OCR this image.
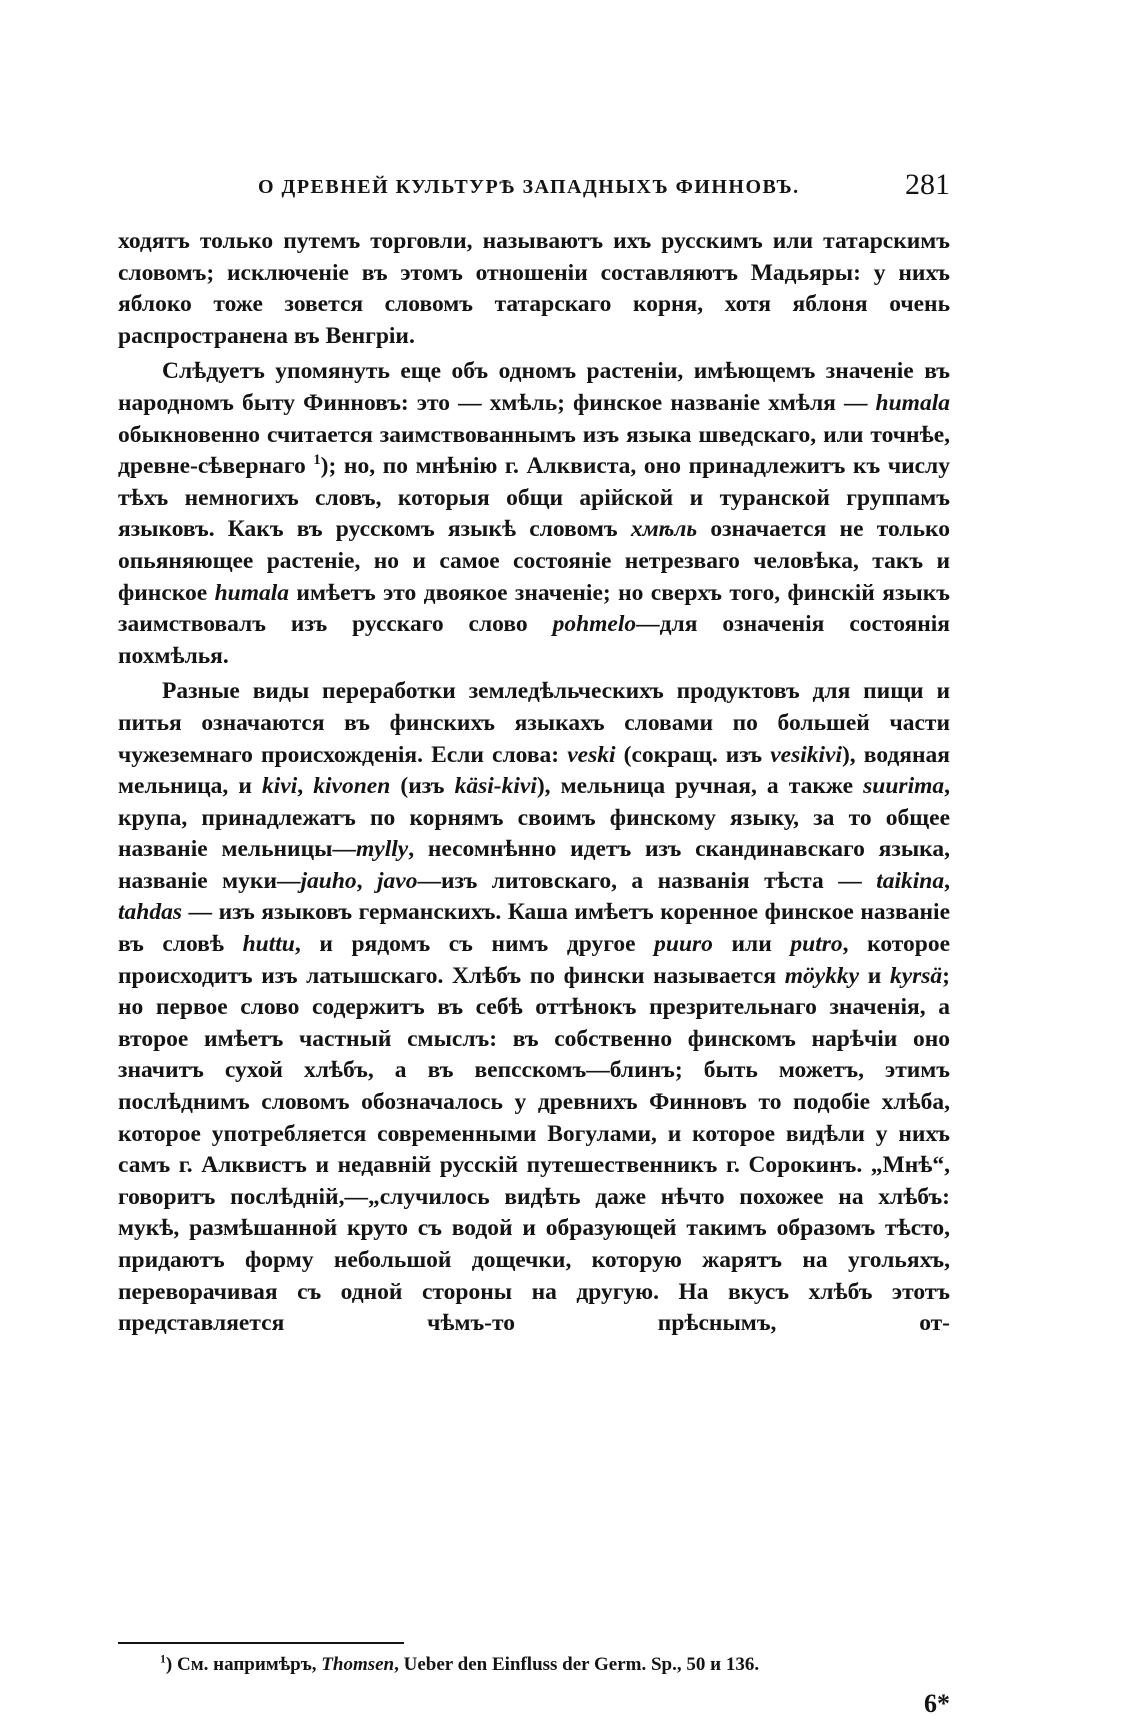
О ДРЕВНЕЙ КУЛЬТУРѢ ЗАПАДНЫХЪ ФИННОВЪ.	281

ходятъ только путемъ торговли, называютъ ихъ русскимъ или татарскимъ словомъ; исключеніе въ этомъ отношеніи составляютъ Мадьяры: у нихъ яблоко тоже зовется словомъ татарскаго корня, хотя яблоня очень распространена въ Венгріи.

Слѣдуетъ упомянуть еще объ одномъ растеніи, имѣющемъ значеніе въ народномъ быту Финновъ: это — хмѣль; финское названіе хмѣля — humala обыкновенно считается заимствованнымъ изъ языка шведскаго, или точнѣе, древне-сѣвернаго $^1$); но, по мнѣнію г. Алквиста, оно принадлежитъ къ числу тѣхъ немногихъ словъ, которыя общи арійской и туранской группамъ языковъ. Какъ въ русскомъ языкѣ словомъ хмѣль означается не только опьяняющее растеніе, но и самое состояніе нетрезваго человѣка, такъ и финское humala имѣетъ это двоякое значеніе; но сверхъ того, финскій языкъ заимствовалъ изъ русскаго слово pohmelo—для означенія состоянія похмѣлья.

Разные виды переработки земледѣльческихъ продуктовъ для пищи и питья означаются въ финскихъ языкахъ словами по большей части чужеземнаго происхожденія. Если слова: veski (сокращ. изъ vesikivi), водяная мельница, и kivi, kivonen (изъ käsi-kivi), мельница ручная, а также suurima, крупа, принадлежатъ по корнямъ своимъ финскому языку, за то общее названіе мельницы—mylly, несомнѣнно идетъ изъ скандинавскаго языка, названіе муки—jauho, javo—изъ литовскаго, а названія тѣста — taikina, tahdas — изъ языковъ германскихъ. Каша имѣетъ коренное финское названіе въ словѣ huttu, и рядомъ съ нимъ другое puuro или putro, которое происходитъ изъ латышскаго. Хлѣбъ по фински называется möykky и kyrsä; но первое слово содержитъ въ себѣ оттѣнокъ презрительнаго значенія, а второе имѣетъ частный смыслъ: въ собственно финскомъ нарѣчіи оно значитъ сухой хлѣбъ, а въ вепсскомъ—блинъ; быть можетъ, этимъ послѣднимъ словомъ обозначалось у древнихъ Финновъ то подобіе хлѣба, которое употребляется современными Вогулами, и которое видѣли у нихъ самъ г. Алквистъ и недавній русскій путешественникъ г. Сорокинъ. „Мнѣ“, говоритъ послѣдній,—„случилось видѣть даже нѣчто похожее на хлѣбъ: мукѣ, размѣшанной круто съ водой и образующей такимъ образомъ тѣсто, придаютъ форму небольшой дощечки, которую жарятъ на угольяхъ, переворачивая съ одной стороны на другую. На вкусъ хлѣбъ этотъ представляется чѣмъ-то прѣснымъ, от-

$^1$) См. напримѣръ, Thomsen, Ueber den Einfluss der Germ. Sp., 50 и 136.
6*
